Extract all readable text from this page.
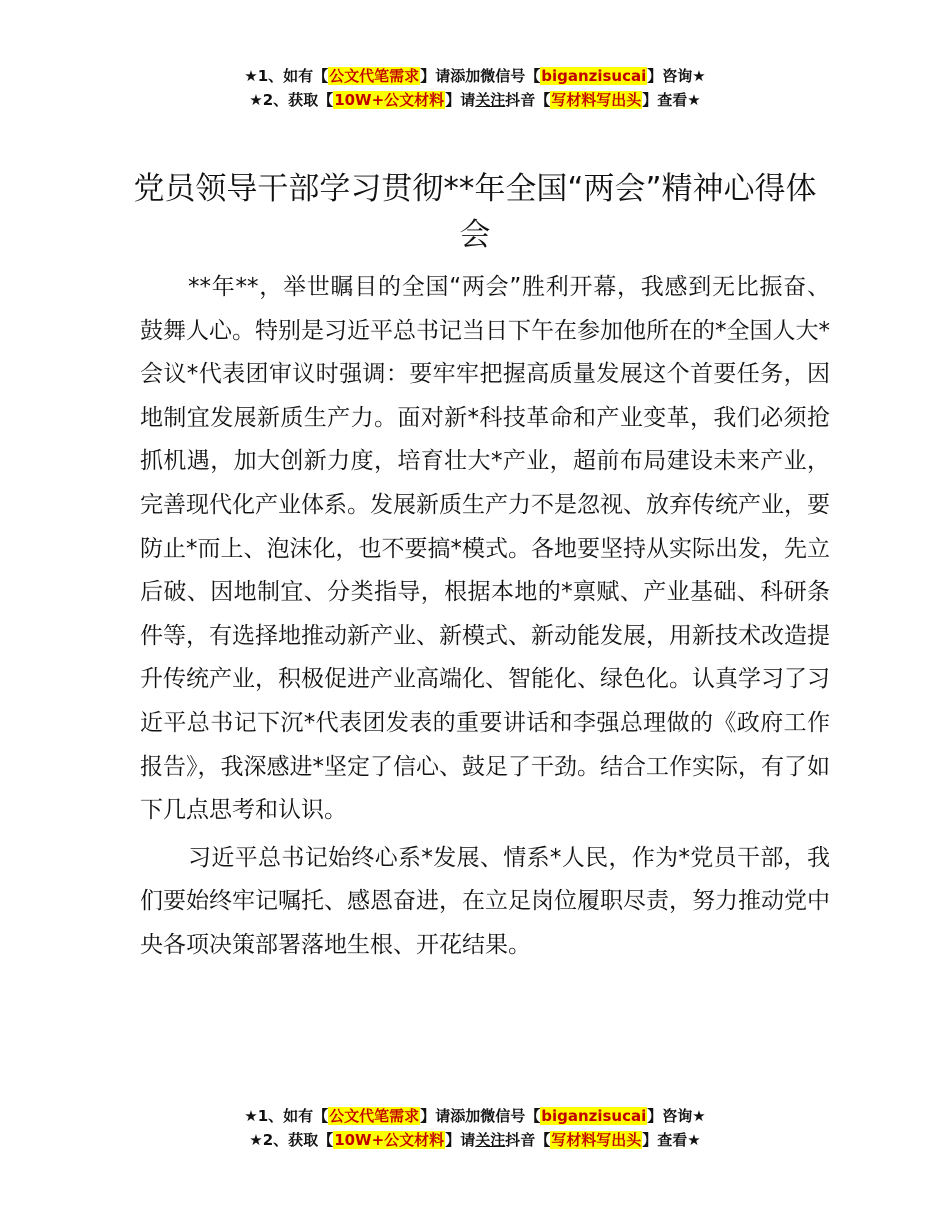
★1、如有【公文代笔需求】请添加微信号【biganzisucai】咨询★
★2、获取【10W+公文材料】请关注抖音【写材料写出头】查看★
党员领导干部学习贯彻**年全国“两会”精神心得体会

**年**，举世瞩目的全国“两会”胜利开幕，我感到无比振奋、鼓舞人心。特别是习近平总书记当日下午在参加他所在的*全国人大*会议*代表团审议时强调：要牢牢把握高质量发展这个首要任务，因地制宜发展新质生产力。面对新*科技革命和产业变革，我们必须抢抓机遇，加大创新力度，培育壮大*产业，超前布局建设未来产业，完善现代化产业体系。发展新质生产力不是忽视、放弃传统产业，要防止*而上、泡沫化，也不要搞*模式。各地要坚持从实际出发，先立后破、因地制宜、分类指导，根据本地的*禀赋、产业基础、科研条件等，有选择地推动新产业、新模式、新动能发展，用新技术改造提升传统产业，积极促进产业高端化、智能化、绿色化。认真学习了习近平总书记下沉*代表团发表的重要讲话和李强总理做的《政府工作报告》，我深感进*坚定了信心、鼓足了干劲。结合工作实际，有了如下几点思考和认识。

习近平总书记始终心系*发展、情系*人民，作为*党员干部，我们要始终牢记嘱托、感恩奋进，在立足岗位履职尽责，努力推动党中央各项决策部署落地生根、开花结果。

★1、如有【公文代笔需求】请添加微信号【biganzisucai】咨询★
★2、获取【10W+公文材料】请关注抖音【写材料写出头】查看★
